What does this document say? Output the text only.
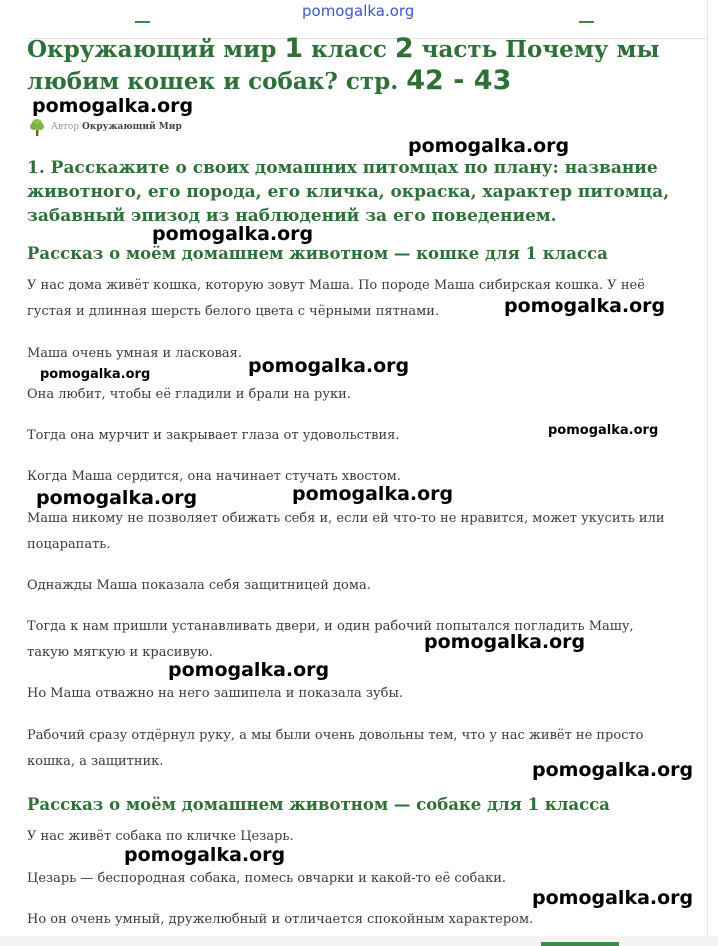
Окружающий мир 1 класс 2 часть Почему мы любим кошек и собак? стр. 42 - 43
Автор Окружающий Мир
1. Расскажите о своих домашних питомцах по плану: название животного, его порода, его кличка, окраска, характер питомца, забавный эпизод из наблюдений за его поведением.
Рассказ о моём домашнем животном — кошке для 1 класса

У нас дома живёт кошка, которую зовут Маша. По породе Маша сибирская кошка. У неё густая и длинная шерсть белого цвета с чёрными пятнами.

Маша очень умная и ласковая.

Она любит, чтобы её гладили и брали на руки.

Тогда она мурчит и закрывает глаза от удовольствия.

Когда Маша сердится, она начинает стучать хвостом.

Маша никому не позволяет обижать себя и, если ей что-то не нравится, может укусить или поцарапать.

Однажды Маша показала себя защитницей дома.

Тогда к нам пришли устанавливать двери, и один рабочий попытался погладить Машу, такую мягкую и красивую.

Но Маша отважно на него зашипела и показала зубы.

Рабочий сразу отдёрнул руку, а мы были очень довольны тем, что у нас живёт не просто кошка, а защитник.

Рассказ о моём домашнем животном — собаке для 1 класса

У нас живёт собака по кличке Цезарь.

Цезарь — беспородная собака, помесь овчарки и какой-то её собаки.

Но он очень умный, дружелюбный и отличается спокойным характером.

pomogalka.org
pomogalka.org
pomogalka.org
pomogalka.org
pomogalka.org
pomogalka.org
pomogalka.org
pomogalka.org
pomogalka.org	pomogalka.org
pomogalka.org
pomogalka.org
pomogalka.org
pomogalka.org
pomogalka.org
